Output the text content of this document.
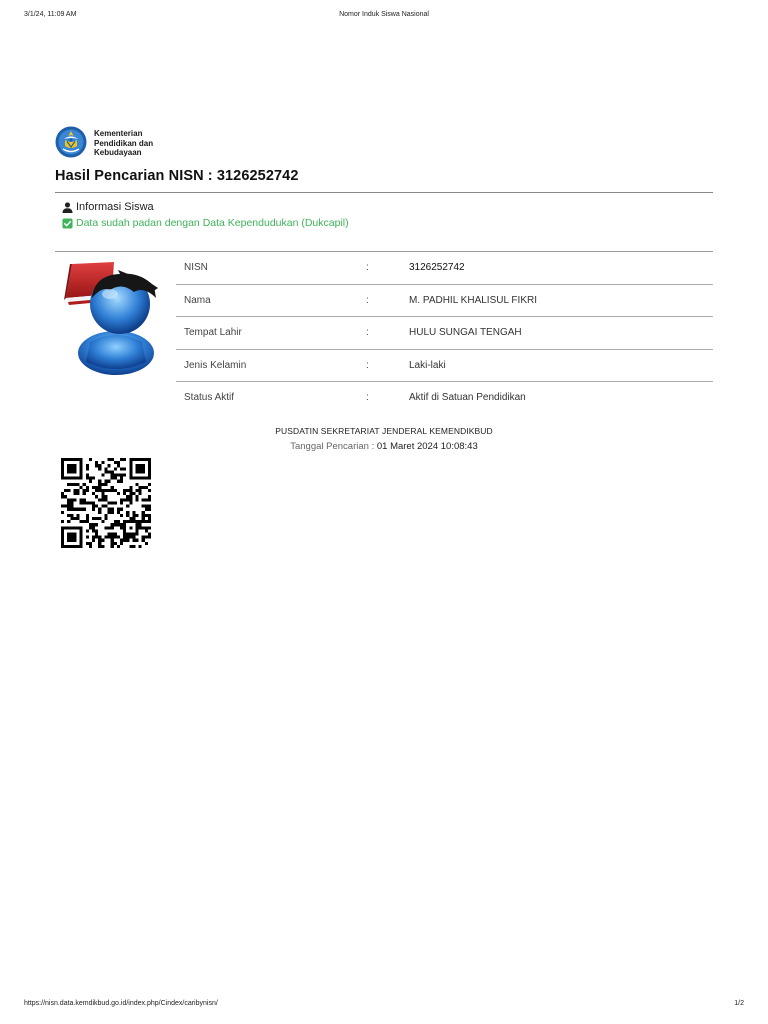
3/1/24, 11:09 AM	Nomor Induk Siswa Nasional
Kementerian
Pendidikan dan
Kebudayaan
Hasil Pencarian NISN : 3126252742
Informasi Siswa
Data sudah padan dengan Data Kependudukan (Dukcapil)
NISN	:	3126252742
Nama	:	M. PADHIL KHALISUL FIKRI
Tempat Lahir	:	HULU SUNGAI TENGAH
Jenis Kelamin	:	Laki-laki
Status Aktif	:	Aktif di Satuan Pendidikan
PUSDATIN SEKRETARIAT JENDERAL KEMENDIKBUD
Tanggal Pencarian : 01 Maret 2024 10:08:43
https://nisn.data.kemdikbud.go.id/index.php/Cindex/caribynisn/	1/2
